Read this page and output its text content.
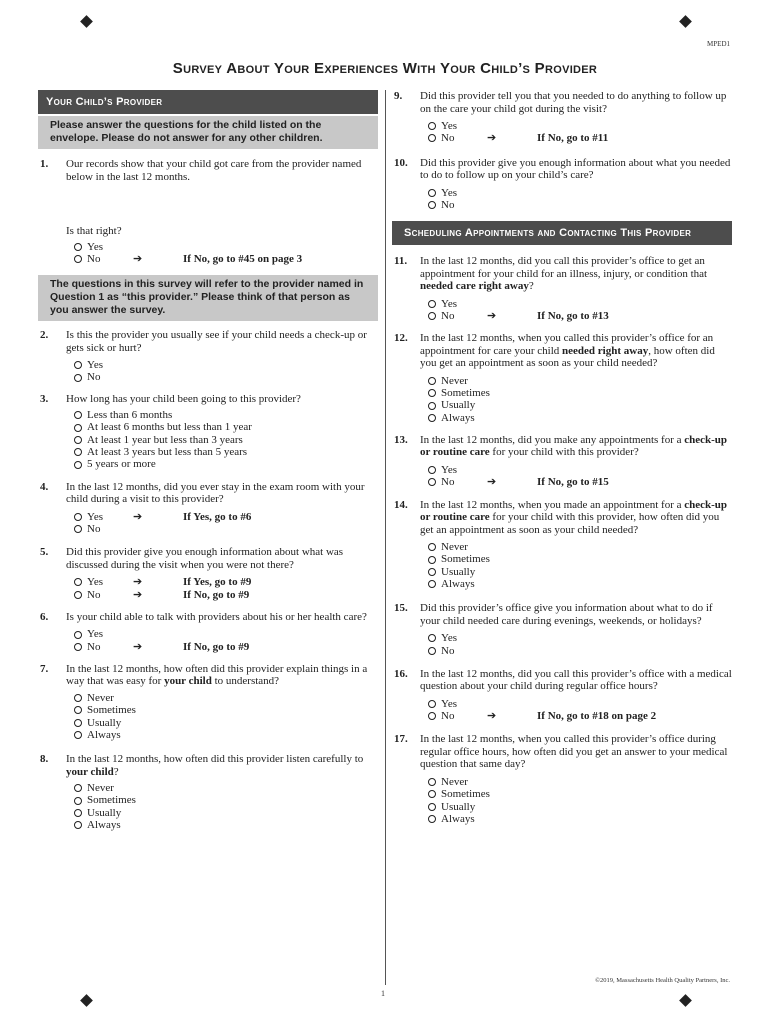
MPED1
Survey About Your Experiences With Your Child’s Provider
Your Child’s Provider
Please answer the questions for the child listed on the envelope. Please do not answer for any other children.
1. Our records show that your child got care from the provider named below in the last 12 months.
Is that right?
Yes
No	➔	If No, go to #45 on page 3
The questions in this survey will refer to the provider named in Question 1 as “this provider.” Please think of that person as you answer the survey.
2. Is this the provider you usually see if your child needs a check-up or gets sick or hurt?
Yes
No
3. How long has your child been going to this provider?
Less than 6 months
At least 6 months but less than 1 year
At least 1 year but less than 3 years
At least 3 years but less than 5 years
5 years or more
4. In the last 12 months, did you ever stay in the exam room with your child during a visit to this provider?
Yes	➔	If Yes, go to #6
No
5. Did this provider give you enough information about what was discussed during the visit when you were not there?
Yes	➔	If Yes, go to #9
No	➔	If No, go to #9
6. Is your child able to talk with providers about his or her health care?
Yes
No	➔	If No, go to #9
7. In the last 12 months, how often did this provider explain things in a way that was easy for your child to understand?
Never
Sometimes
Usually
Always
8. In the last 12 months, how often did this provider listen carefully to your child?
Never
Sometimes
Usually
Always
9. Did this provider tell you that you needed to do anything to follow up on the care your child got during the visit?
Yes
No	➔	If No, go to #11
10. Did this provider give you enough information about what you needed to do to follow up on your child’s care?
Yes
No
Scheduling Appointments and Contacting This Provider
11. In the last 12 months, did you call this provider’s office to get an appointment for your child for an illness, injury, or condition that needed care right away?
Yes
No	➔	If No, go to #13
12. In the last 12 months, when you called this provider’s office for an appointment for care your child needed right away, how often did you get an appointment as soon as your child needed?
Never
Sometimes
Usually
Always
13. In the last 12 months, did you make any appointments for a check-up or routine care for your child with this provider?
Yes
No	➔	If No, go to #15
14. In the last 12 months, when you made an appointment for a check-up or routine care for your child with this provider, how often did you get an appointment as soon as your child needed?
Never
Sometimes
Usually
Always
15. Did this provider’s office give you information about what to do if your child needed care during evenings, weekends, or holidays?
Yes
No
16. In the last 12 months, did you call this provider’s office with a medical question about your child during regular office hours?
Yes
No	➔	If No, go to #18 on page 2
17. In the last 12 months, when you called this provider’s office during regular office hours, how often did you get an answer to your medical question that same day?
Never
Sometimes
Usually
Always
©2019, Massachusetts Health Quality Partners, Inc.
1
